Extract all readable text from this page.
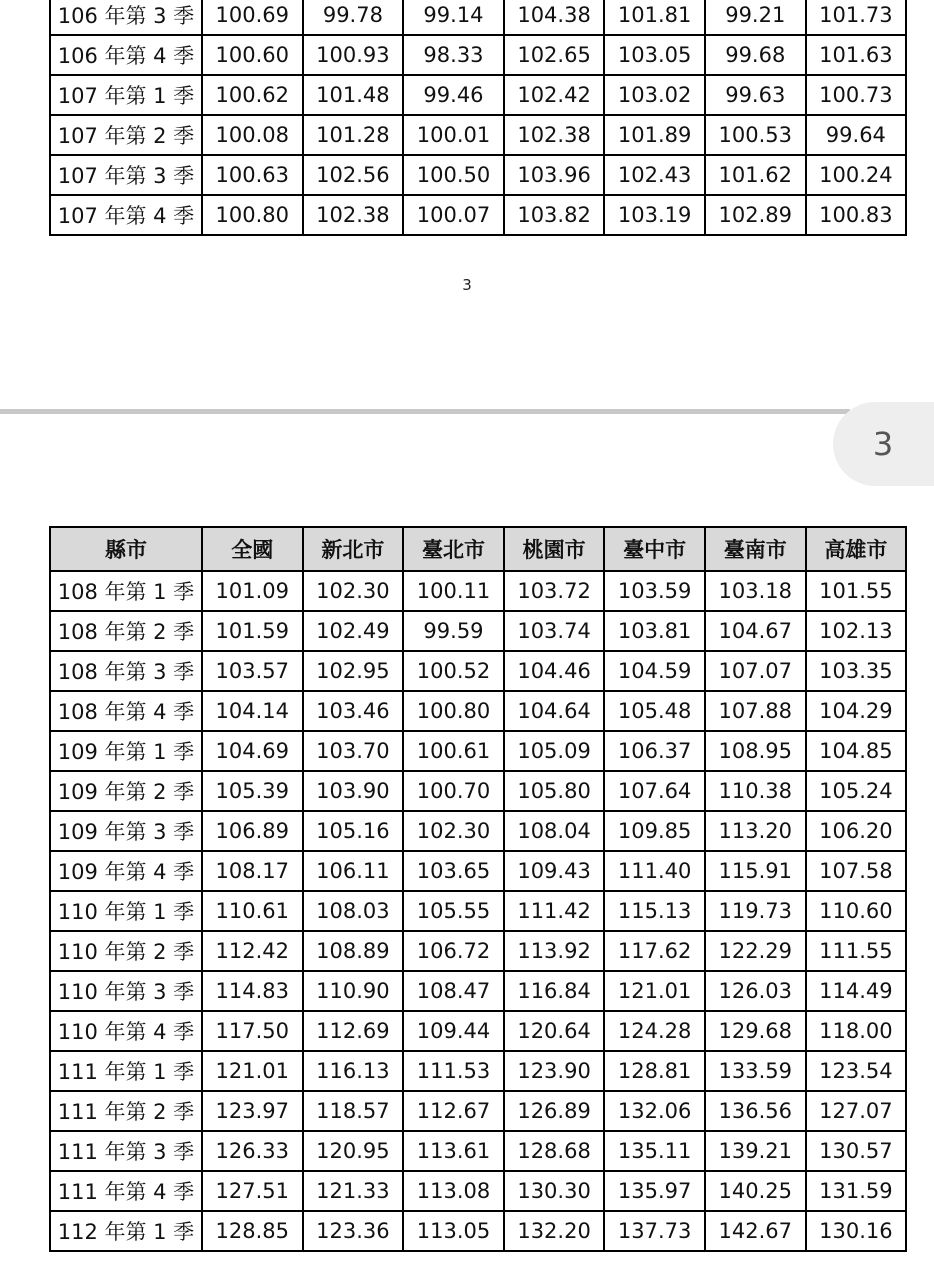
106 年第 3 季	100.69	99.78	99.14	104.38	101.81	99.21	101.73
106 年第 4 季	100.60	100.93	98.33	102.65	103.05	99.68	101.63
107 年第 1 季	100.62	101.48	99.46	102.42	103.02	99.63	100.73
107 年第 2 季	100.08	101.28	100.01	102.38	101.89	100.53	99.64
107 年第 3 季	100.63	102.56	100.50	103.96	102.43	101.62	100.24
107 年第 4 季	100.80	102.38	100.07	103.82	103.19	102.89	100.83
3
3
縣市	全國	新北市	臺北市	桃園市	臺中市	臺南市	高雄市
108 年第 1 季	101.09	102.30	100.11	103.72	103.59	103.18	101.55
108 年第 2 季	101.59	102.49	99.59	103.74	103.81	104.67	102.13
108 年第 3 季	103.57	102.95	100.52	104.46	104.59	107.07	103.35
108 年第 4 季	104.14	103.46	100.80	104.64	105.48	107.88	104.29
109 年第 1 季	104.69	103.70	100.61	105.09	106.37	108.95	104.85
109 年第 2 季	105.39	103.90	100.70	105.80	107.64	110.38	105.24
109 年第 3 季	106.89	105.16	102.30	108.04	109.85	113.20	106.20
109 年第 4 季	108.17	106.11	103.65	109.43	111.40	115.91	107.58
110 年第 1 季	110.61	108.03	105.55	111.42	115.13	119.73	110.60
110 年第 2 季	112.42	108.89	106.72	113.92	117.62	122.29	111.55
110 年第 3 季	114.83	110.90	108.47	116.84	121.01	126.03	114.49
110 年第 4 季	117.50	112.69	109.44	120.64	124.28	129.68	118.00
111 年第 1 季	121.01	116.13	111.53	123.90	128.81	133.59	123.54
111 年第 2 季	123.97	118.57	112.67	126.89	132.06	136.56	127.07
111 年第 3 季	126.33	120.95	113.61	128.68	135.11	139.21	130.57
111 年第 4 季	127.51	121.33	113.08	130.30	135.97	140.25	131.59
112 年第 1 季	128.85	123.36	113.05	132.20	137.73	142.67	130.16
